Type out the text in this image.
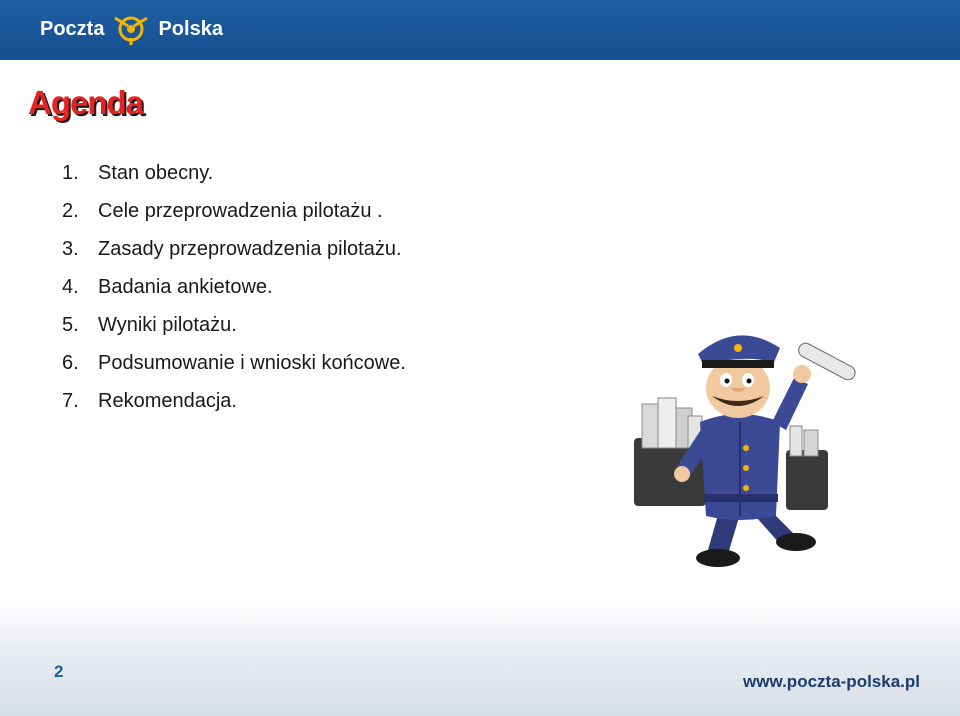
Poczta	Polska
Agenda
1. Stan obecny.
2. Cele przeprowadzenia pilotażu .
3. Zasady przeprowadzenia pilotażu.
4. Badania ankietowe.
5. Wyniki pilotażu.
6. Podsumowanie i wnioski końcowe.
7. Rekomendacja.
2
www.poczta-polska.pl
